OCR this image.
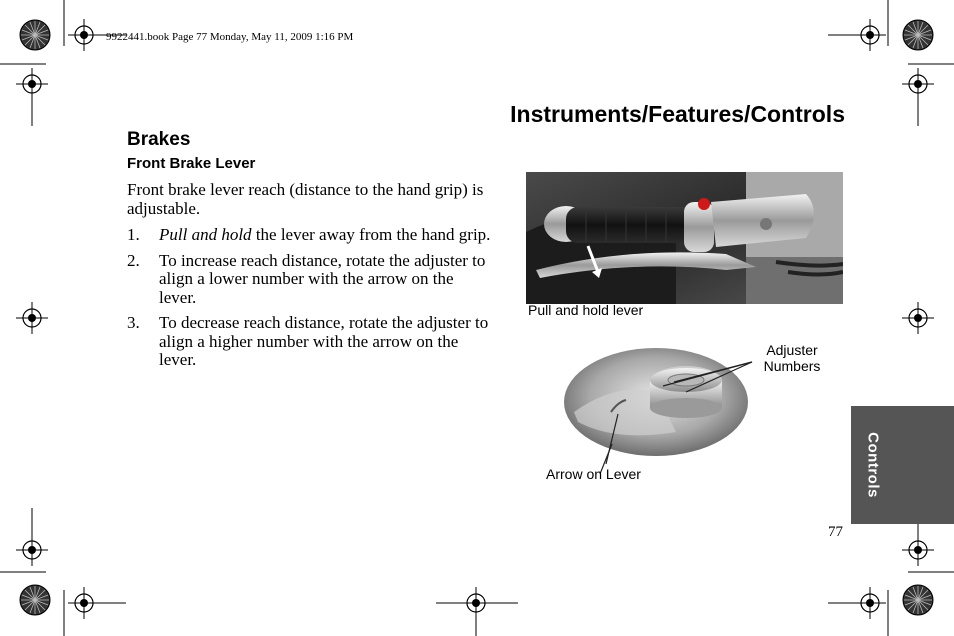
9922441.book Page 77 Monday, May 11, 2009 1:16 PM
Instruments/Features/Controls
Brakes
Front Brake Lever
Front brake lever reach (distance to the hand grip) is adjustable.
1. Pull and hold the lever away from the hand grip.
2. To increase reach distance, rotate the adjuster to align a lower number with the arrow on the lever.
3. To decrease reach distance, rotate the adjuster to align a higher number with the arrow on the lever.
Pull and hold lever
Adjuster Numbers
Arrow on Lever	Controls
77
